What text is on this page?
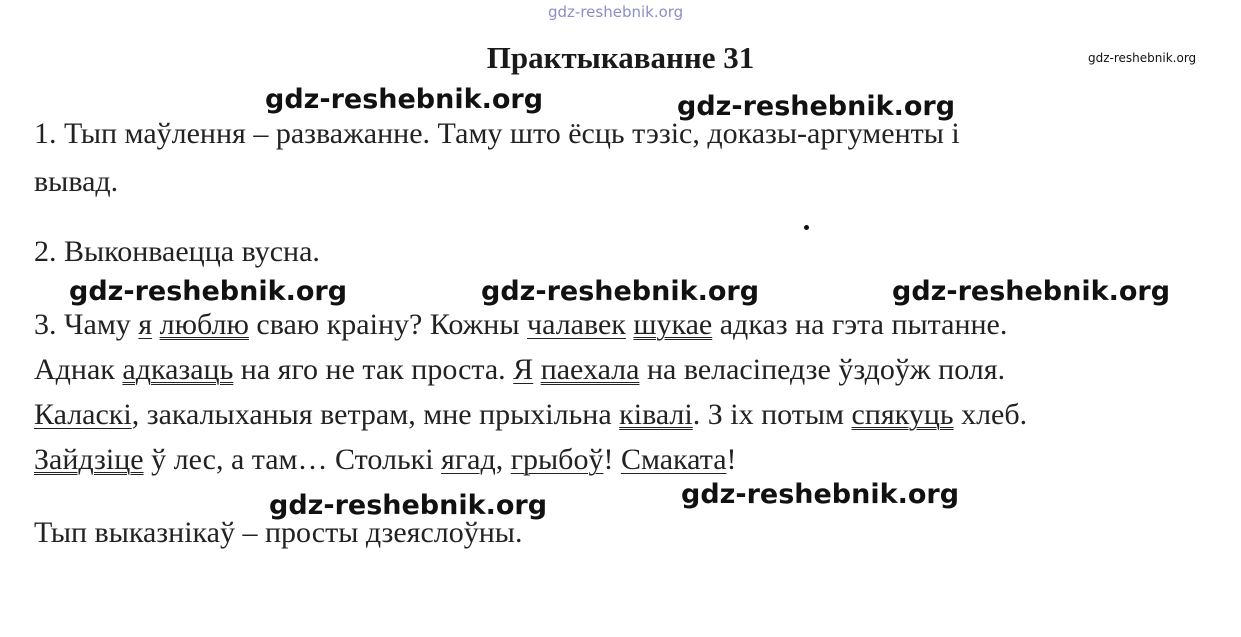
gdz-reshebnik.org
gdz-reshebnik.org
Практыкаванне 31
gdz-reshebnik.org	gdz-reshebnik.org
1. Тып маўлення – разважанне. Таму што ёсць тэзіс, доказы-аргументы і
вывад.
2. Выконваецца вусна.
gdz-reshebnik.org	gdz-reshebnik.org	gdz-reshebnik.org
3. Чаму я люблю сваю краіну? Кожны чалавек шукае адказ на гэта пытанне.
Аднак адказаць на яго не так проста. Я паехала на веласіпедзе ўздоўж поля.
Каласкі, закалыханыя ветрам, мне прыхільна ківалі. З іх потым спякуць хлеб.
Зайдзіце ў лес, а там… Столькі ягад, грыбоў! Смаката!
gdz-reshebnik.org
gdz-reshebnik.org
Тып выказнікаў – просты дзеяслоўны.
